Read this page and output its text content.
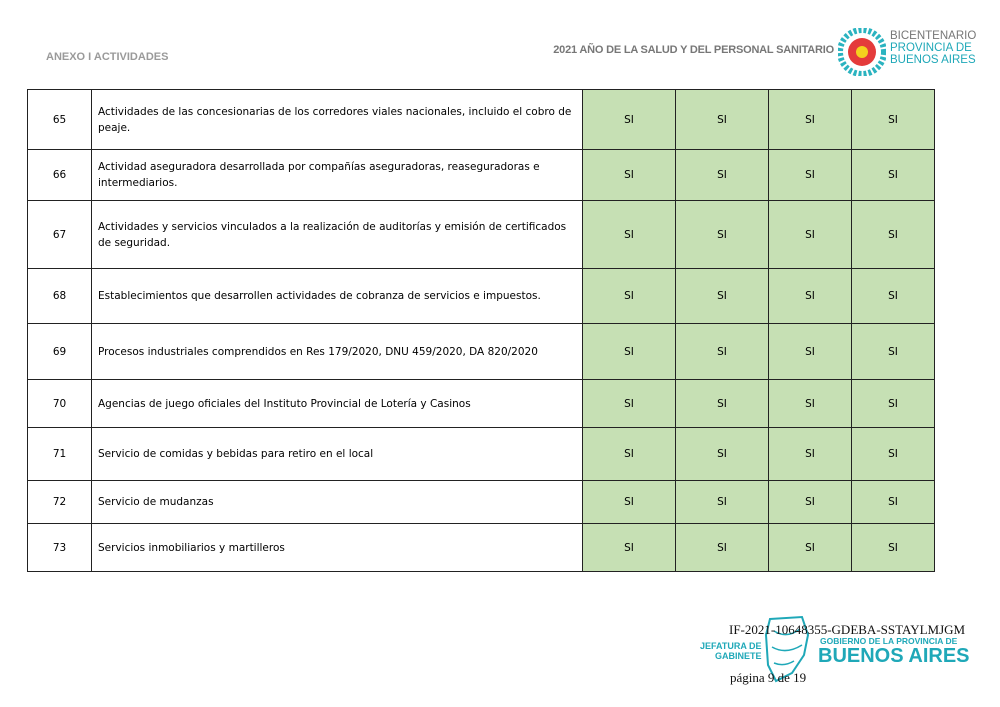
ANEXO I ACTIVIDADES
2021 AÑO DE LA SALUD Y DEL PERSONAL SANITARIO
BICENTENARIO
PROVINCIA DE
BUENOS AIRES
65	Actividades de las concesionarias de los corredores viales nacionales, incluido el cobro de peaje.	SI	SI	SI	SI
66	Actividad aseguradora desarrollada por compañías aseguradoras, reaseguradoras e intermediarios.	SI	SI	SI	SI
67	Actividades y servicios vinculados a la realización de auditorías y emisión de certificados de seguridad.	SI	SI	SI	SI
68	Establecimientos que desarrollen actividades de cobranza de servicios e impuestos.	SI	SI	SI	SI
69	Procesos industriales comprendidos en Res 179/2020, DNU 459/2020, DA 820/2020	SI	SI	SI	SI
70	Agencias de juego oficiales del Instituto Provincial de Lotería y Casinos	SI	SI	SI	SI
71	Servicio de comidas y bebidas para retiro en el local	SI	SI	SI	SI
72	Servicio de mudanzas	SI	SI	SI	SI
73	Servicios inmobiliarios y martilleros	SI	SI	SI	SI
IF-2021-10648355-GDEBA-SSTAYLMJGM
JEFATURA DE
GABINETE
GOBIERNO DE LA PROVINCIA DE
BUENOS AIRES
página 9 de 19
